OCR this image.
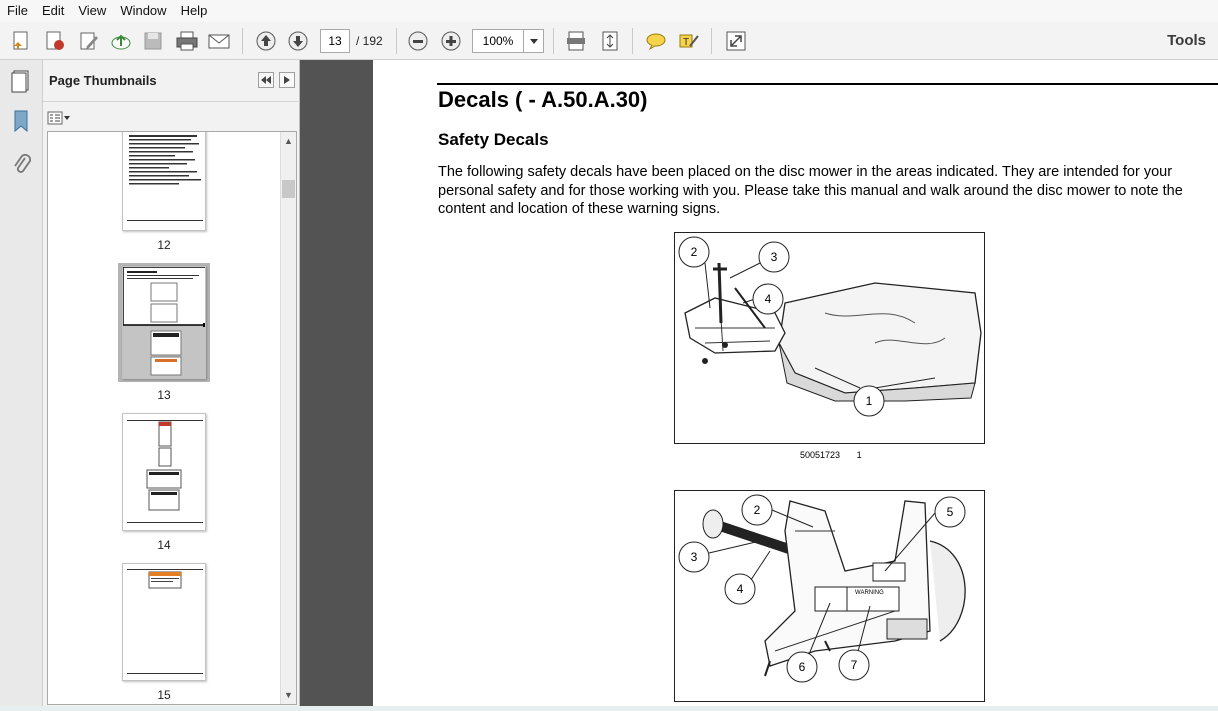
File	Edit	View	Window	Help
13	/ 192	100%	T	Tools
Page Thumbnails
12
13
14
15
▲
▼
Decals ( - A.50.A.30)
Safety Decals
The following safety decals have been placed on the disc mower in the areas indicated. They are intended for your personal safety and for those working with you. Please take this manual and walk around the disc mower to note the content and location of these warning signs.
2	3
4
1
50051723 1
WARNING
2	5
3
4
6	7
